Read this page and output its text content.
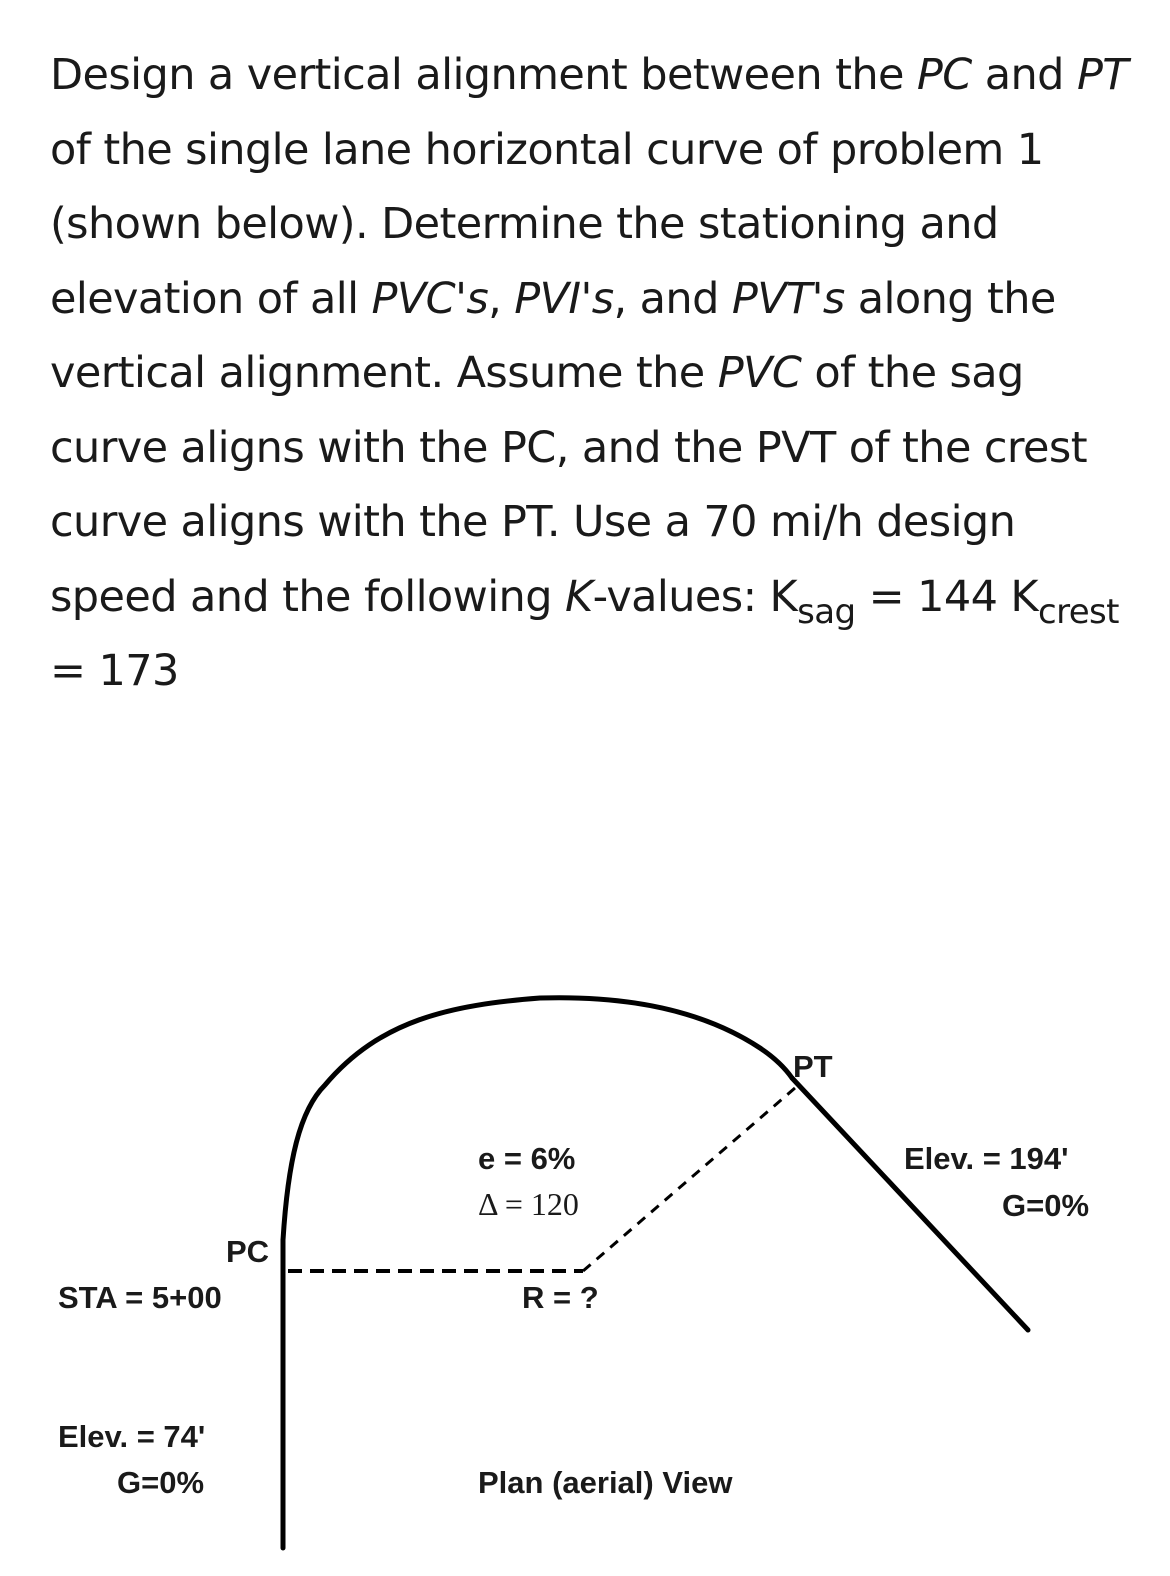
Design a vertical alignment between the PC and PT of the single lane horizontal curve of problem 1 (shown below). Determine the stationing and elevation of all PVC's, PVI's, and PVT's along the vertical alignment. Assume the PVC of the sag curve aligns with the PC, and the PVT of the crest curve aligns with the PT. Use a 70 mi/h design speed and the following K-values: $K_{sag} = 144$ $K_{crest} = 173$
PT
PC
STA = 5+00
Elev. = 74'
G=0%
Elev. = 194'
G=0%
e = 6%
Δ = 120
R = ?
Plan (aerial) View
